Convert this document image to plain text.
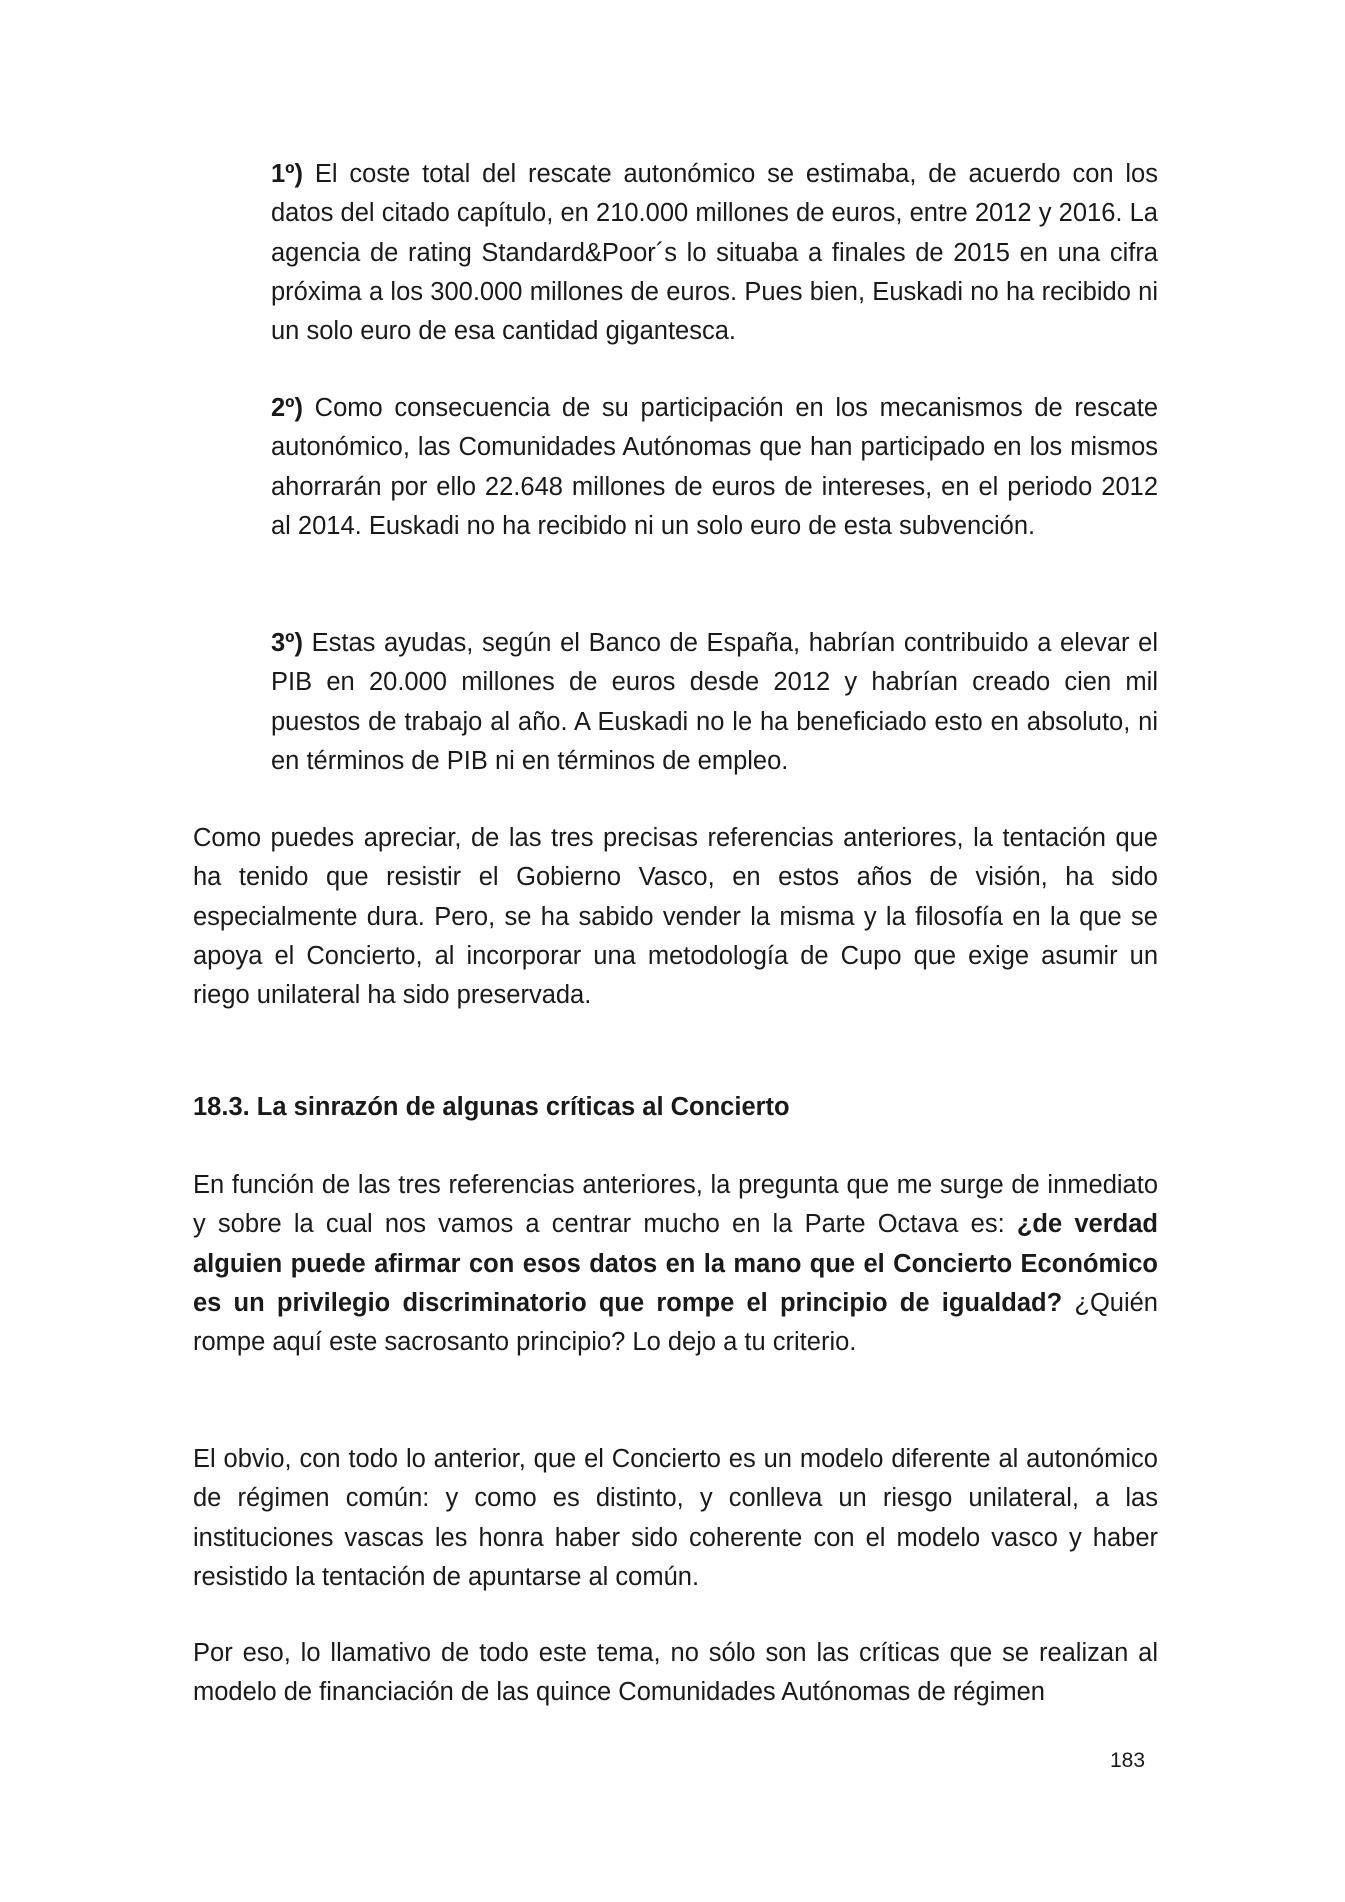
1º) El coste total del rescate autonómico se estimaba, de acuerdo con los datos del citado capítulo, en 210.000 millones de euros, entre 2012 y 2016. La agencia de rating Standard&Poor´s lo situaba a finales de 2015 en una cifra próxima a los 300.000 millones de euros. Pues bien, Euskadi no ha recibido ni un solo euro de esa cantidad gigantesca.

2º) Como consecuencia de su participación en los mecanismos de rescate autonómico, las Comunidades Autónomas que han participado en los mismos ahorrarán por ello 22.648 millones de euros de intereses, en el periodo 2012 al 2014. Euskadi no ha recibido ni un solo euro de esta subvención.

3º) Estas ayudas, según el Banco de España, habrían contribuido a elevar el PIB en 20.000 millones de euros desde 2012 y habrían creado cien mil puestos de trabajo al año. A Euskadi no le ha beneficiado esto en absoluto, ni en términos de PIB ni en términos de empleo.

Como puedes apreciar, de las tres precisas referencias anteriores, la tentación que ha tenido que resistir el Gobierno Vasco, en estos años de visión, ha sido especialmente dura. Pero, se ha sabido vender la misma y la filosofía en la que se apoya el Concierto, al incorporar una metodología de Cupo que exige asumir un riego unilateral ha sido preservada.

18.3. La sinrazón de algunas críticas al Concierto

En función de las tres referencias anteriores, la pregunta que me surge de inmediato y sobre la cual nos vamos a centrar mucho en la Parte Octava es: ¿de verdad alguien puede afirmar con esos datos en la mano que el Concierto Económico es un privilegio discriminatorio que rompe el principio de igualdad? ¿Quién rompe aquí este sacrosanto principio? Lo dejo a tu criterio.

El obvio, con todo lo anterior, que el Concierto es un modelo diferente al autonómico de régimen común: y como es distinto, y conlleva un riesgo unilateral, a las instituciones vascas les honra haber sido coherente con el modelo vasco y haber resistido la tentación de apuntarse al común.

Por eso, lo llamativo de todo este tema, no sólo son las críticas que se realizan al modelo de financiación de las quince Comunidades Autónomas de régimen

183
